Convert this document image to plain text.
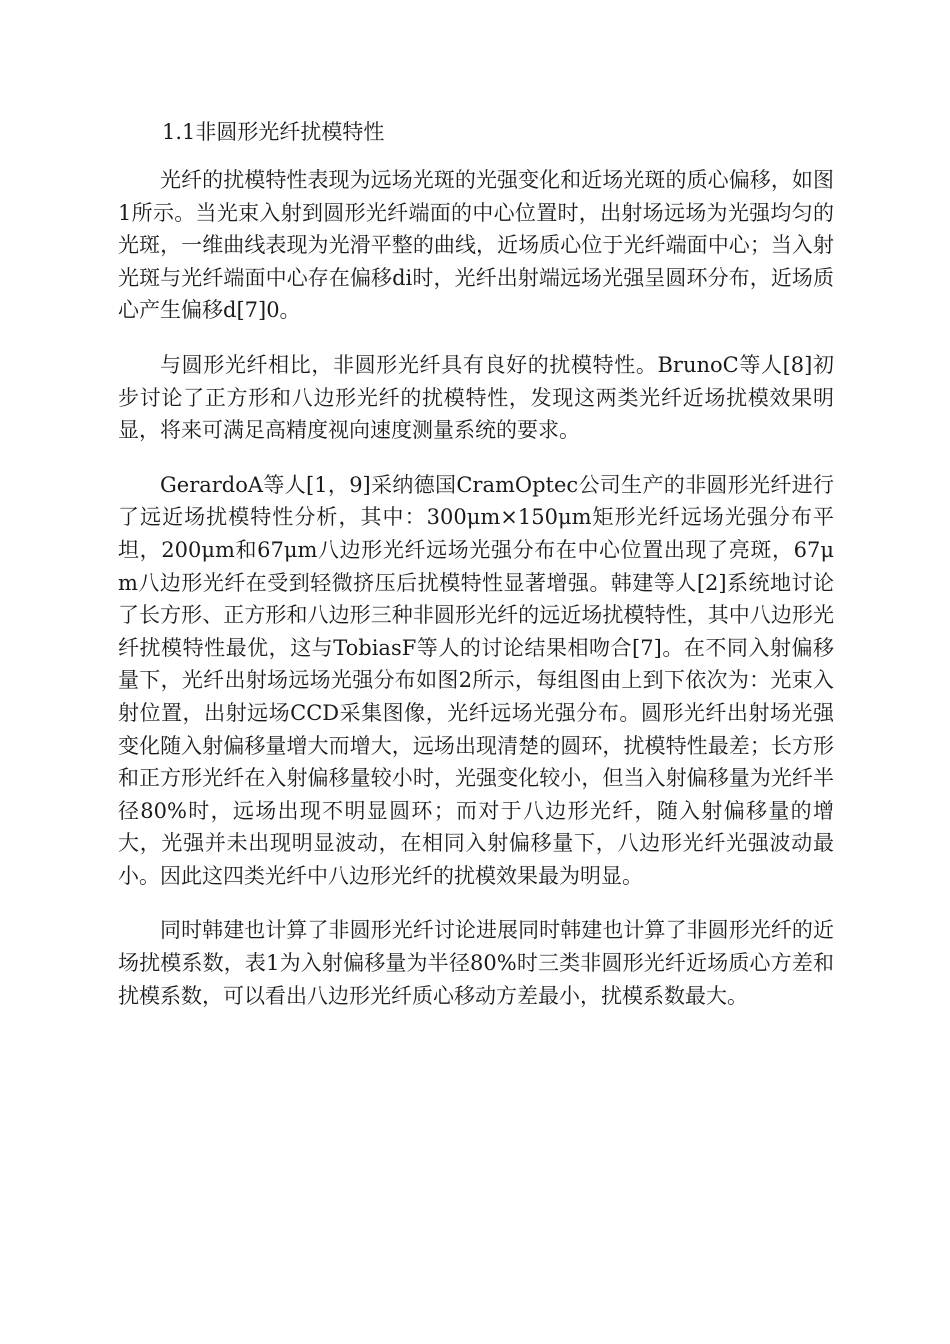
1.1非圆形光纤扰模特性

光纤的扰模特性表现为远场光斑的光强变化和近场光斑的质心偏移，如图1所示。当光束入射到圆形光纤端面的中心位置时，出射场远场为光强均匀的光斑，一维曲线表现为光滑平整的曲线，近场质心位于光纤端面中心；当入射光斑与光纤端面中心存在偏移di时，光纤出射端远场光强呈圆环分布，近场质心产生偏移d[7]0。

与圆形光纤相比，非圆形光纤具有良好的扰模特性。BrunoC等人[8]初步讨论了正方形和八边形光纤的扰模特性，发现这两类光纤近场扰模效果明显，将来可满足高精度视向速度测量系统的要求。

GerardoA等人[1，9]采纳德国CramOptec公司生产的非圆形光纤进行了远近场扰模特性分析，其中：300μm×150μm矩形光纤远场光强分布平坦，200μm和67μm八边形光纤远场光强分布在中心位置出现了亮斑，67μm八边形光纤在受到轻微挤压后扰模特性显著增强。韩建等人[2]系统地讨论了长方形、正方形和八边形三种非圆形光纤的远近场扰模特性，其中八边形光纤扰模特性最优，这与TobiasF等人的讨论结果相吻合[7]。在不同入射偏移量下，光纤出射场远场光强分布如图2所示，每组图由上到下依次为：光束入射位置，出射远场CCD采集图像，光纤远场光强分布。圆形光纤出射场光强变化随入射偏移量增大而增大，远场出现清楚的圆环，扰模特性最差；长方形和正方形光纤在入射偏移量较小时，光强变化较小，但当入射偏移量为光纤半径80%时，远场出现不明显圆环；而对于八边形光纤，随入射偏移量的增大，光强并未出现明显波动，在相同入射偏移量下，八边形光纤光强波动最小。因此这四类光纤中八边形光纤的扰模效果最为明显。

同时韩建也计算了非圆形光纤讨论进展同时韩建也计算了非圆形光纤的近场扰模系数，表1为入射偏移量为半径80%时三类非圆形光纤近场质心方差和扰模系数，可以看出八边形光纤质心移动方差最小，扰模系数最大。
